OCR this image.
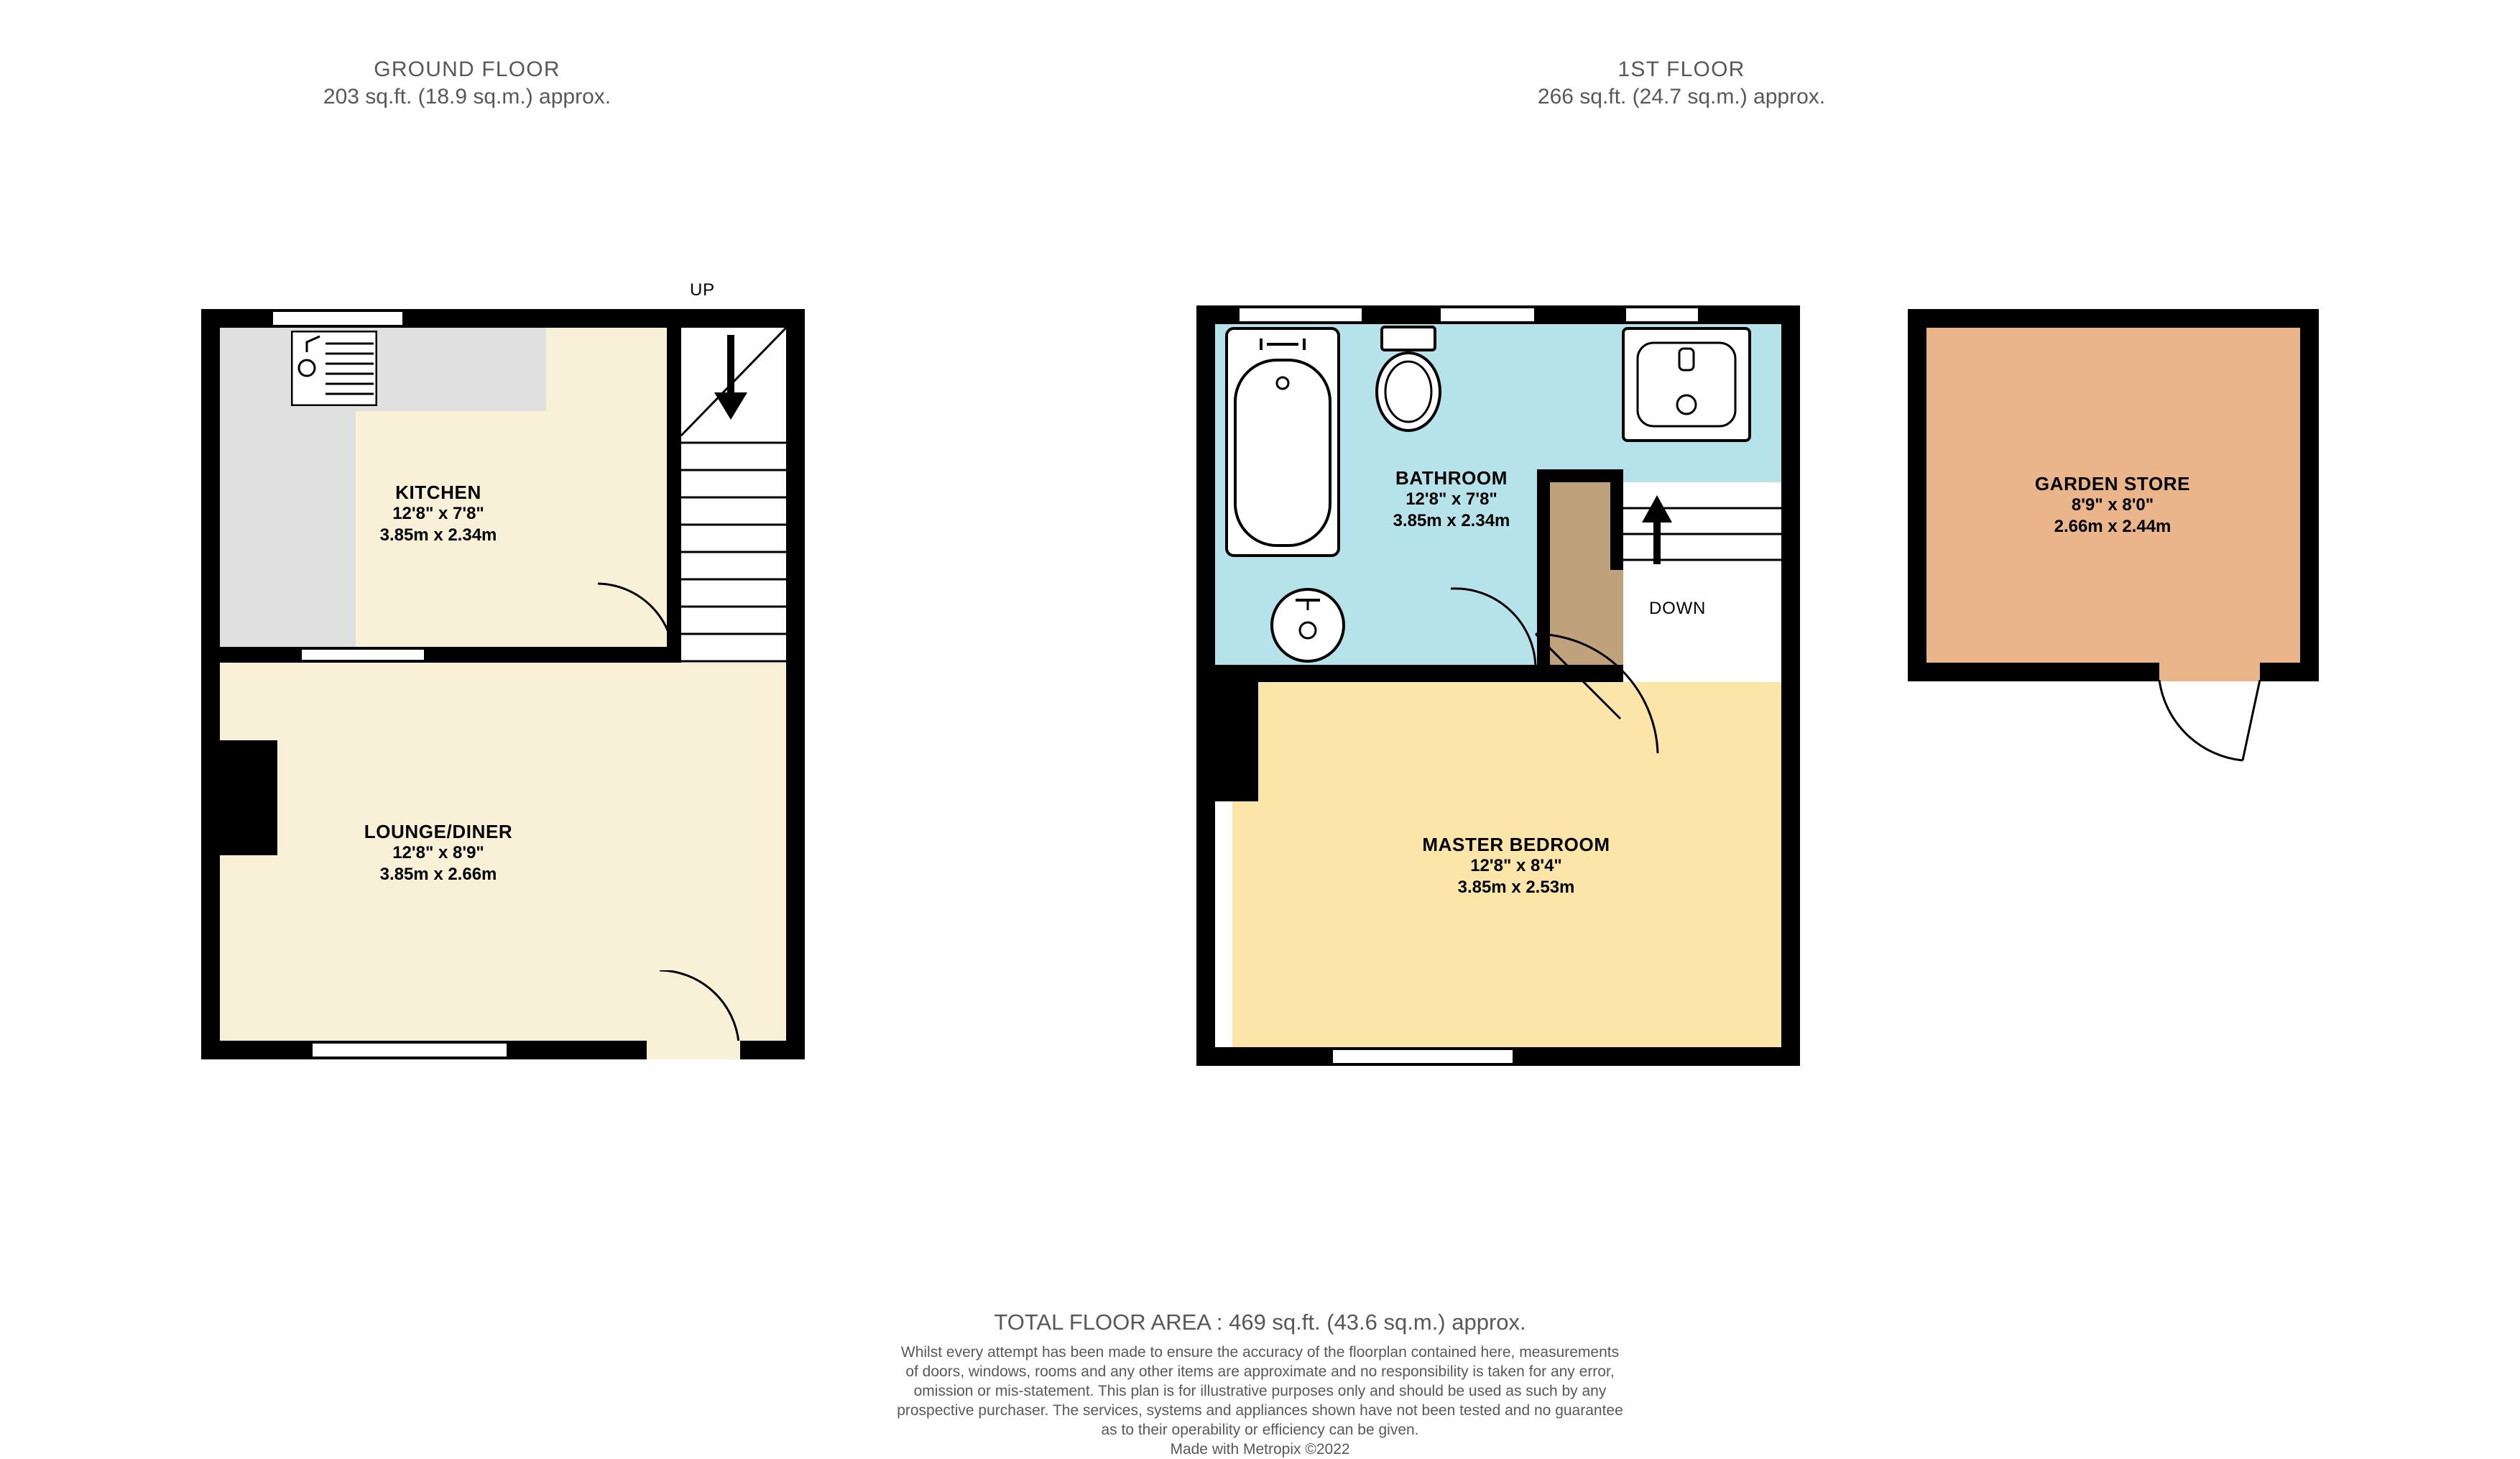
GROUND FLOOR
203 sq.ft. (18.9 sq.m.) approx.
1ST FLOOR
266 sq.ft. (24.7 sq.m.) approx.
UP
KITCHEN
12'8" x 7'8"
3.85m x 2.34m
LOUNGE/DINER
12'8" x 8'9"
3.85m x 2.66m
DOWN
BATHROOM
12'8" x 7'8"
3.85m x 2.34m
MASTER BEDROOM
12'8" x 8'4"
3.85m x 2.53m
GARDEN STORE
8'9" x 8'0"
2.66m x 2.44m
TOTAL FLOOR AREA : 469 sq.ft. (43.6 sq.m.) approx.
Whilst every attempt has been made to ensure the accuracy of the floorplan contained here, measurements
of doors, windows, rooms and any other items are approximate and no responsibility is taken for any error,
omission or mis-statement. This plan is for illustrative purposes only and should be used as such by any
prospective purchaser. The services, systems and appliances shown have not been tested and no guarantee
as to their operability or efficiency can be given.
Made with Metropix ©2022
